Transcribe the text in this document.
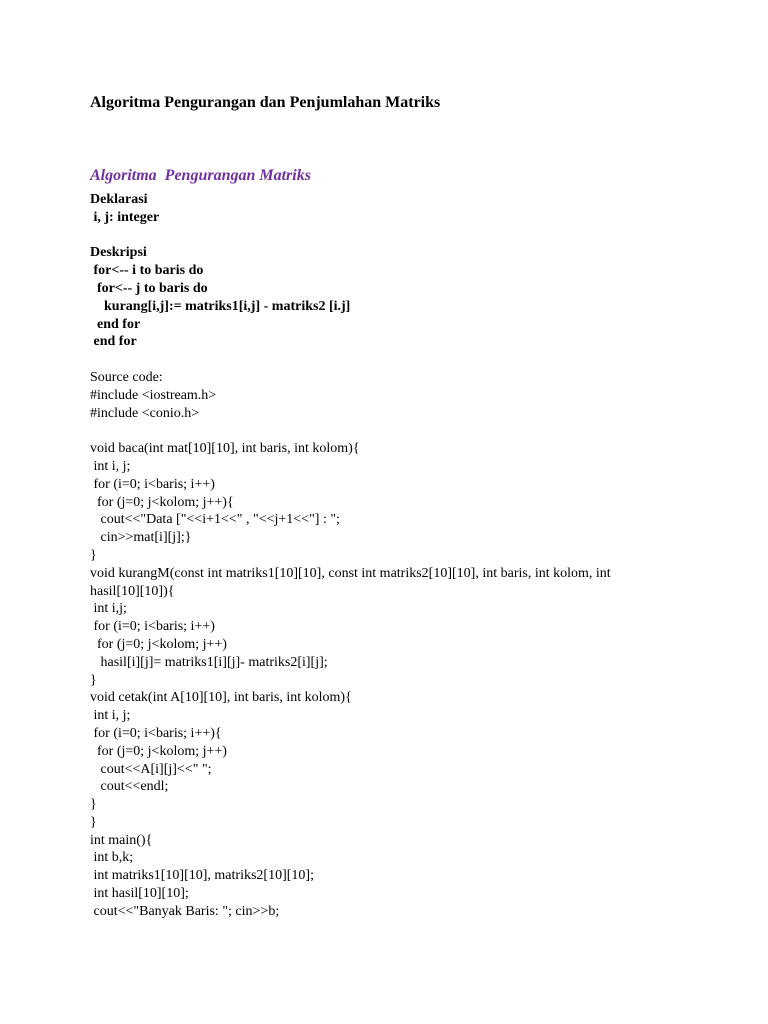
Algoritma Pengurangan dan Penjumlahan Matriks
Algoritma  Pengurangan Matriks
Deklarasi
i, j: integer
Deskripsi
for<-- i to baris do
for<-- j to baris do
kurang[i,j]:= matriks1[i,j] - matriks2 [i.j]
end for
end for
Source code:
#include <iostream.h>
#include <conio.h>
void baca(int mat[10][10], int baris, int kolom){
int i, j;
for (i=0; i<baris; i++)
for (j=0; j<kolom; j++){
cout<<"Data ["<<i+1<<" , "<<j+1<<"] : ";
cin>>mat[i][j];}
}
void kurangM(const int matriks1[10][10], const int matriks2[10][10], int baris, int kolom, int
hasil[10][10]){
int i,j;
for (i=0; i<baris; i++)
for (j=0; j<kolom; j++)
hasil[i][j]= matriks1[i][j]- matriks2[i][j];
}
void cetak(int A[10][10], int baris, int kolom){
int i, j;
for (i=0; i<baris; i++){
for (j=0; j<kolom; j++)
cout<<A[i][j]<<" ";
cout<<endl;
}
}
int main(){
int b,k;
int matriks1[10][10], matriks2[10][10];
int hasil[10][10];
cout<<"Banyak Baris: "; cin>>b;
